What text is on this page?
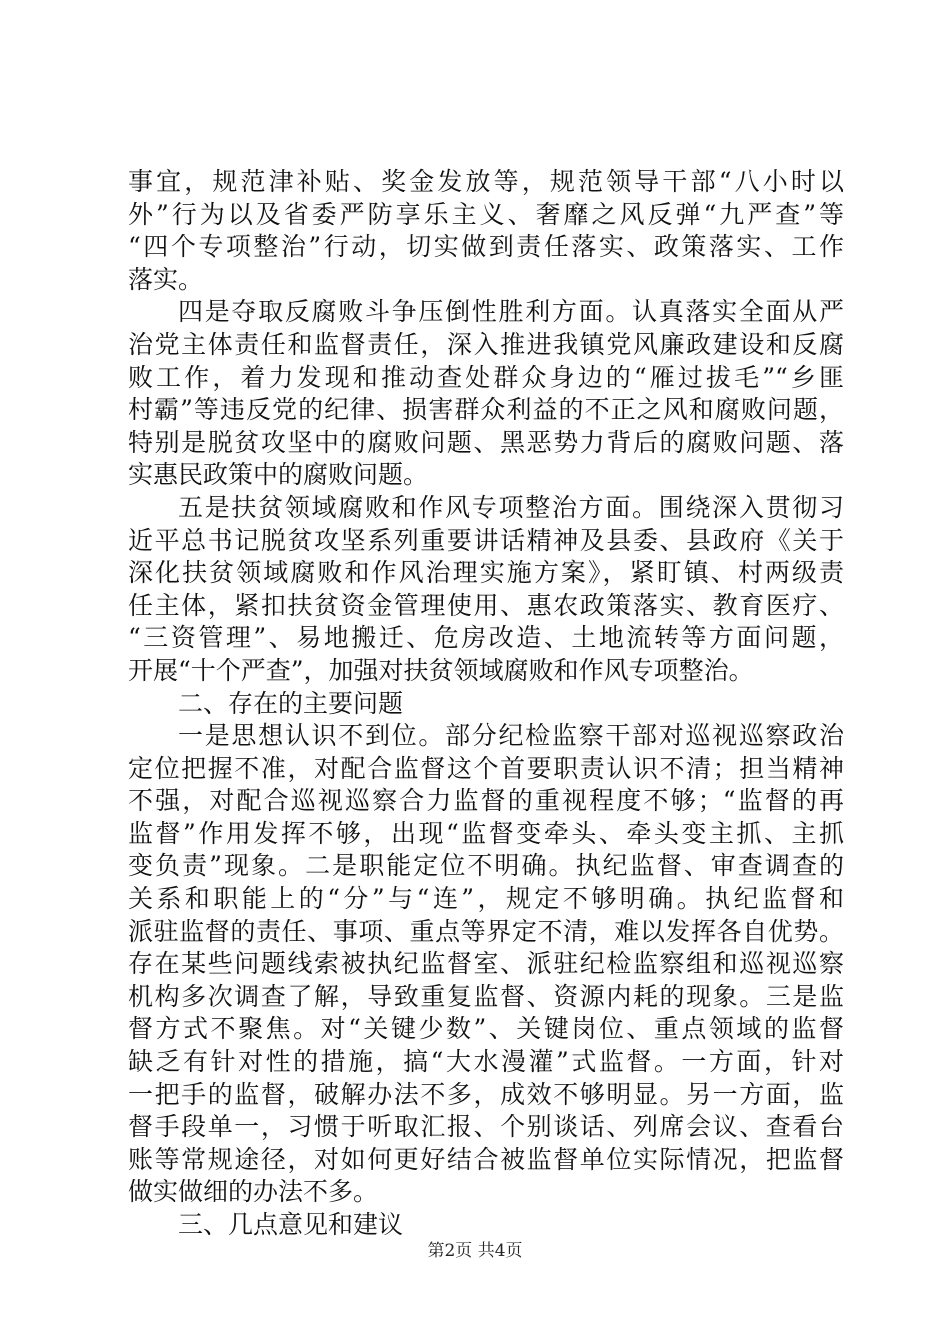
事宜，规范津补贴、奖金发放等，规范领导干部“八小时以
外”行为以及省委严防享乐主义、奢靡之风反弹“九严查”等
“四个专项整治”行动，切实做到责任落实、政策落实、工作
落实。
四是夺取反腐败斗争压倒性胜利方面。认真落实全面从严
治党主体责任和监督责任，深入推进我镇党风廉政建设和反腐
败工作，着力发现和推动查处群众身边的“雁过拔毛”“乡匪
村霸”等违反党的纪律、损害群众利益的不正之风和腐败问题，
特别是脱贫攻坚中的腐败问题、黑恶势力背后的腐败问题、落
实惠民政策中的腐败问题。
五是扶贫领域腐败和作风专项整治方面。围绕深入贯彻习
近平总书记脱贫攻坚系列重要讲话精神及县委、县政府《关于
深化扶贫领域腐败和作风治理实施方案》，紧盯镇、村两级责
任主体，紧扣扶贫资金管理使用、惠农政策落实、教育医疗、
“三资管理”、易地搬迁、危房改造、土地流转等方面问题，
开展“十个严查”，加强对扶贫领域腐败和作风专项整治。
二、存在的主要问题
一是思想认识不到位。部分纪检监察干部对巡视巡察政治
定位把握不准，对配合监督这个首要职责认识不清；担当精神
不强，对配合巡视巡察合力监督的重视程度不够；“监督的再
监督”作用发挥不够，出现“监督变牵头、牵头变主抓、主抓
变负责”现象。二是职能定位不明确。执纪监督、审查调查的
关系和职能上的“分”与“连”，规定不够明确。执纪监督和
派驻监督的责任、事项、重点等界定不清，难以发挥各自优势。
存在某些问题线索被执纪监督室、派驻纪检监察组和巡视巡察
机构多次调查了解，导致重复监督、资源内耗的现象。三是监
督方式不聚焦。对“关键少数”、关键岗位、重点领域的监督
缺乏有针对性的措施，搞“大水漫灌”式监督。一方面，针对
一把手的监督，破解办法不多，成效不够明显。另一方面，监
督手段单一，习惯于听取汇报、个别谈话、列席会议、查看台
账等常规途径，对如何更好结合被监督单位实际情况，把监督
做实做细的办法不多。
三、几点意见和建议
第2页 共4页
